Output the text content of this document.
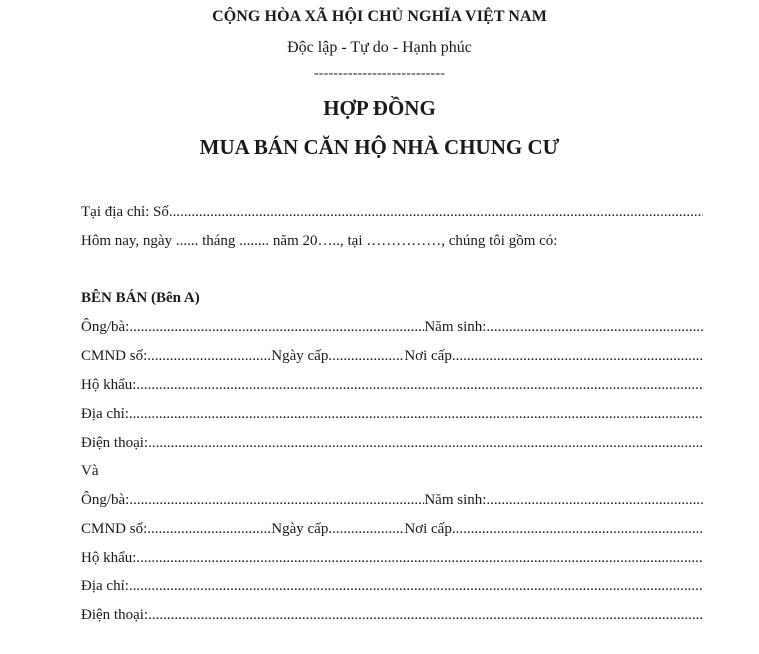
CỘNG HÒA XÃ HỘI CHỦ NGHĨA VIỆT NAM
Độc lập - Tự do - Hạnh phúc
---------------------------
HỢP ĐỒNG
MUA BÁN CĂN HỘ NHÀ CHUNG CƯ
Tại địa chỉ: Số
.....
Hôm nay, ngày ...... tháng ........ năm 20….., tại ……………, chúng tôi gồm có:
BÊN BÁN (Bên A)
Ông/bà: .....	Năm sinh:
.....
CMND số: .....	Ngày cấp .....	Nơi cấp
.....
Hộ khẩu:
.....
Địa chỉ:
.....
Điện thoại:
.....
Và
Ông/bà: .....	Năm sinh:
.....
CMND số: .....	Ngày cấp .....	Nơi cấp
.....
Hộ khẩu:
.....
Địa chỉ:
.....
Điện thoại:
.....
